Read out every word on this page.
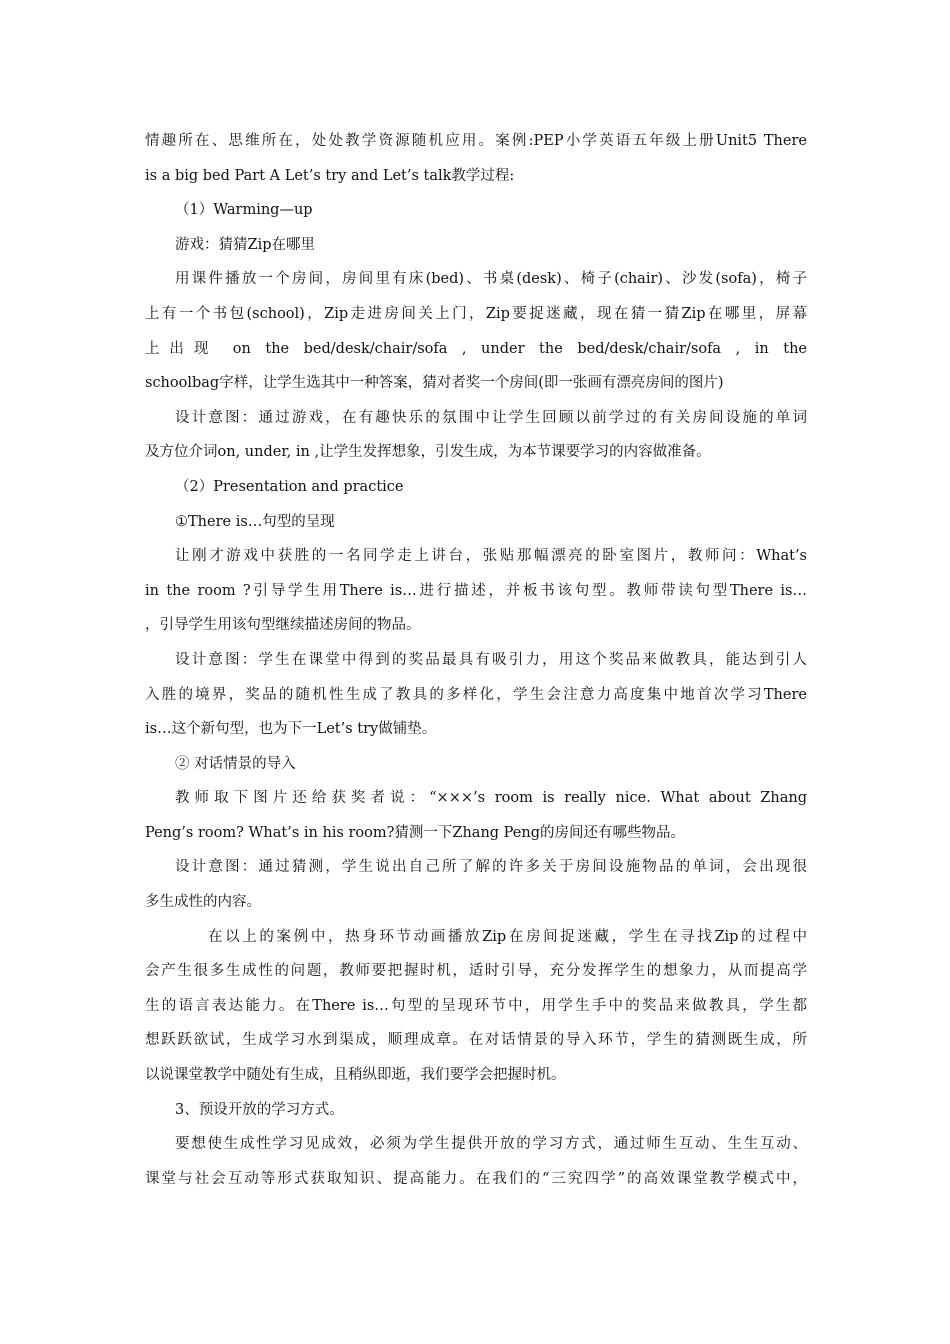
情趣所在、思维所在，处处教学资源随机应用。案例:PEP小学英语五年级上册Unit5 There
is a big bed Part A Let’s try and Let’s talk教学过程:
（1）Warming—up
游戏：猜猜Zip在哪里
用课件播放一个房间，房间里有床(bed)、书桌(desk)、椅子(chair)、沙发(sofa)，椅子
上有一个书包(school)，Zip走进房间关上门，Zip要捉迷藏，现在猜一猜Zip在哪里，屏幕
上出现 on the bed/desk/chair/sofa , under the bed/desk/chair/sofa , in the
schoolbag字样，让学生选其中一种答案，猜对者奖一个房间(即一张画有漂亮房间的图片)
设计意图：通过游戏，在有趣快乐的氛围中让学生回顾以前学过的有关房间设施的单词
及方位介词on, under, in ,让学生发挥想象，引发生成，为本节课要学习的内容做准备。
（2）Presentation and practice
①There is…句型的呈现
让刚才游戏中获胜的一名同学走上讲台，张贴那幅漂亮的卧室图片，教师问：What’s
in the room ?引导学生用There is…进行描述，并板书该句型。教师带读句型There is…
，引导学生用该句型继续描述房间的物品。
设计意图：学生在课堂中得到的奖品最具有吸引力，用这个奖品来做教具，能达到引人
入胜的境界，奖品的随机性生成了教具的多样化，学生会注意力高度集中地首次学习There
is…这个新句型，也为下一Let’s try做铺垫。
② 对话情景的导入
教师取下图片还给获奖者说：“×××’s room is really nice. What about Zhang
Peng’s room? What’s in his room?猜测一下Zhang Peng的房间还有哪些物品。
设计意图：通过猜测，学生说出自己所了解的许多关于房间设施物品的单词，会出现很
多生成性的内容。
在以上的案例中，热身环节动画播放Zip在房间捉迷藏，学生在寻找Zip的过程中
会产生很多生成性的问题，教师要把握时机，适时引导，充分发挥学生的想象力，从而提高学
生的语言表达能力。在There is…句型的呈现环节中，用学生手中的奖品来做教具，学生都
想跃跃欲试，生成学习水到渠成，顺理成章。在对话情景的导入环节，学生的猜测既生成，所
以说课堂教学中随处有生成，且稍纵即逝，我们要学会把握时机。
3、预设开放的学习方式。
要想使生成性学习见成效，必须为学生提供开放的学习方式，通过师生互动、生生互动、
课堂与社会互动等形式获取知识、提高能力。在我们的“三究四学”的高效课堂教学模式中，
